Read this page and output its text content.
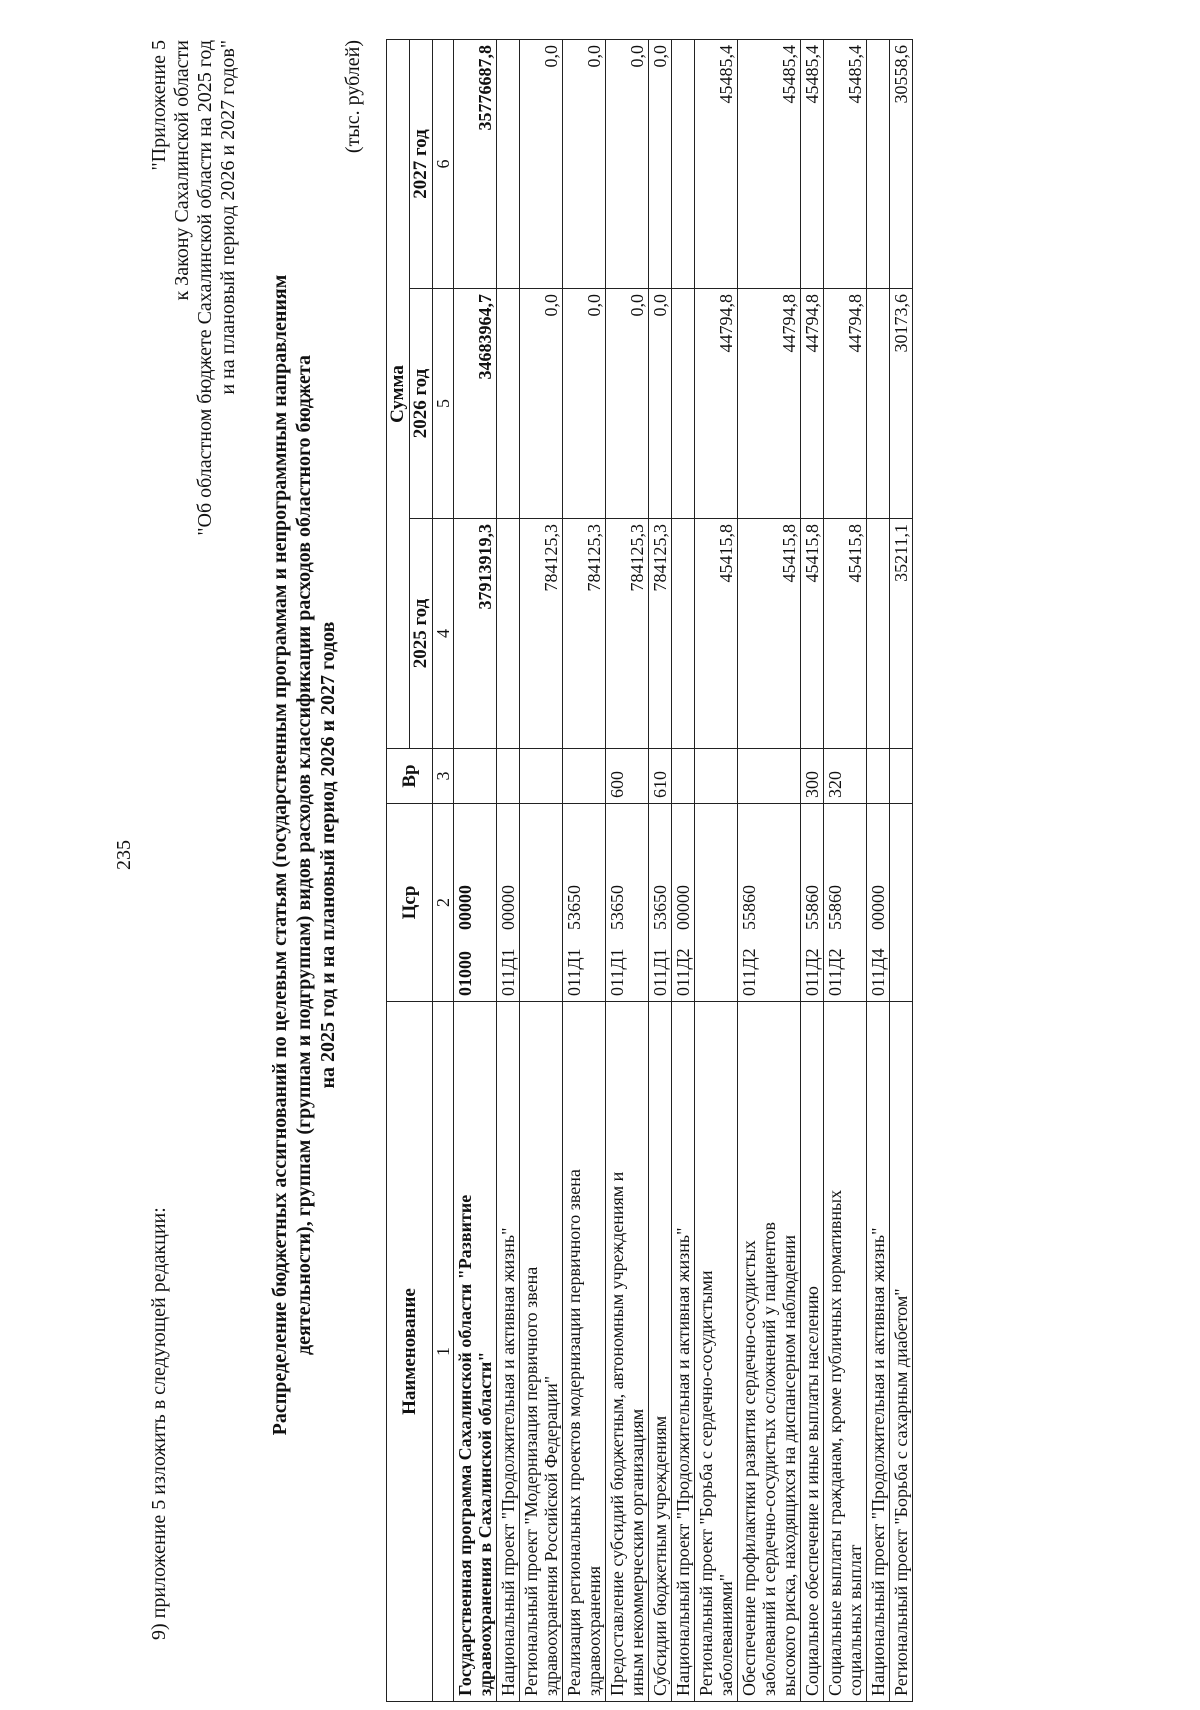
235
9) приложение 5 изложить в следующей редакции:
"Приложение 5 к Закону Сахалинской области "Об областном бюджете Сахалинской области на 2025 год и на плановый период 2026 и 2027 годов"
Распределение бюджетных ассигнований по целевым статьям (государственным программам и непрограммным направлениям деятельности), группам (группам и подгруппам) видов расходов классификации расходов областного бюджета на 2025 год и на плановый период 2026 и 2027 годов
(тыс. рублей)
Наименование	Цср	Вр	Сумма		
			2025 год	2026 год	2027 год
1	2	3	4	5	6

Государственная программа Сахалинской области "Развитие здравоохранения в Сахалинской области"	0100000000		37913919,3	34683964,7	35776687,8

Национальный проект "Продолжительная и активная жизнь"	011Д100000				

Региональный проект "Модернизация первичного звена здравоохранения Российской Федерации"			784125,3	0,0	0,0

Реализация региональных проектов модернизации первичного звена здравоохранения	011Д153650		784125,3	0,0	0,0

Предоставление субсидий бюджетным, автономным учреждениям и иным некоммерческим организациям	011Д153650	600	784125,3	0,0	0,0

Субсидии бюджетным учреждениям	011Д153650	610	784125,3	0,0	0,0

Национальный проект "Продолжительная и активная жизнь"	011Д200000				

Региональный проект "Борьба с сердечно-сосудистыми заболеваниями"			45415,8	44794,8	45485,4

Обеспечение профилактики развития сердечно-сосудистых заболеваний и сердечно-сосудистых осложнений у пациентов высокого риска, находящихся на диспансерном наблюдении	011Д255860		45415,8	44794,8	45485,4

Социальное обеспечение и иные выплаты населению	011Д255860	300	45415,8	44794,8	45485,4

Социальные выплаты гражданам, кроме публичных нормативных социальных выплат	011Д255860	320	45415,8	44794,8	45485,4

Национальный проект "Продолжительная и активная жизнь"	011Д400000				

Региональный проект "Борьба с сахарным диабетом"			35211,1	30173,6	30558,6
